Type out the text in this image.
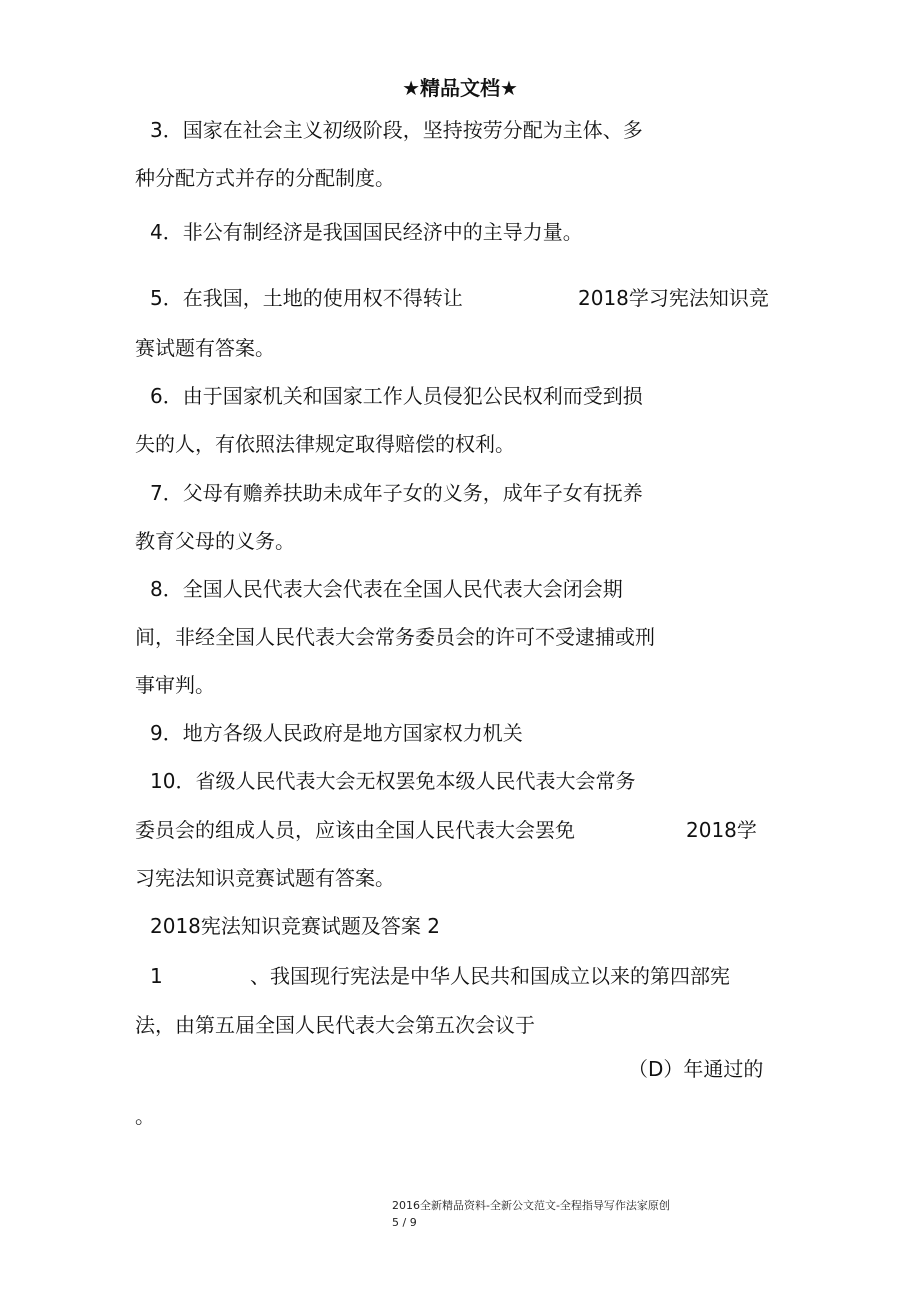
★精品文档★
3．国家在社会主义初级阶段，坚持按劳分配为主体、多
种分配方式并存的分配制度。
4．非公有制经济是我国国民经济中的主导力量。
5．在我国，土地的使用权不得转让	2018学习宪法知识竞
赛试题有答案。
6．由于国家机关和国家工作人员侵犯公民权利而受到损
失的人，有依照法律规定取得赔偿的权利。
7．父母有赡养扶助未成年子女的义务，成年子女有抚养
教育父母的义务。
8．全国人民代表大会代表在全国人民代表大会闭会期
间，非经全国人民代表大会常务委员会的许可不受逮捕或刑
事审判。
9．地方各级人民政府是地方国家权力机关
10．省级人民代表大会无权罢免本级人民代表大会常务
委员会的组成人员，应该由全国人民代表大会罢免	2018学
习宪法知识竞赛试题有答案。
2018宪法知识竞赛试题及答案 2
1	、我国现行宪法是中华人民共和国成立以来的第四部宪
法，由第五届全国人民代表大会第五次会议于
（D）年通过的
。
2016全新精品资料-全新公文范文-全程指导写作法家原创
5 / 9
